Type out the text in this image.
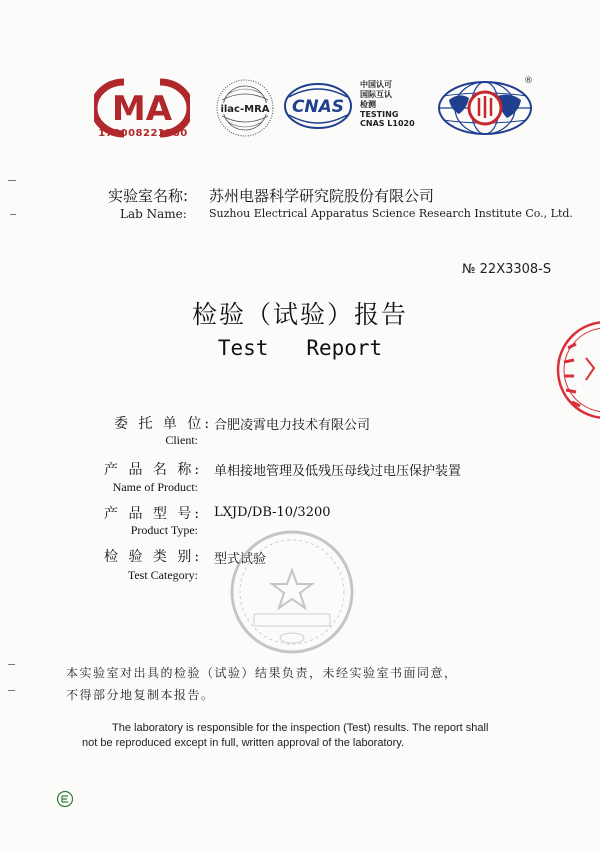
MA
170008221380
ilac-MRA CNAS
中国认可
国际互认
检测
TESTING
CNAS L1020
®
实验室名称: 苏州电器科学研究院股份有限公司
Lab Name: Suzhou Electrical Apparatus Science Research Institute Co., Ltd.
№ 22X3308-S
检验（试验）报告
Test   Report
委 托 单 位: 合肥凌霄电力技术有限公司
Client:
产 品 名 称: 单相接地管理及低残压母线过电压保护装置
Name of Product:
产 品 型 号: LXJD/DB-10/3200
Product Type:
检 验 类 别: 型式试验
Test Category:
本实验室对出具的检验（试验）结果负责，未经实验室书面同意，
不得部分地复制本报告。
The laboratory is responsible for the inspection (Test) results. The report shall
not be reproduced except in full, written approval of the laboratory.
